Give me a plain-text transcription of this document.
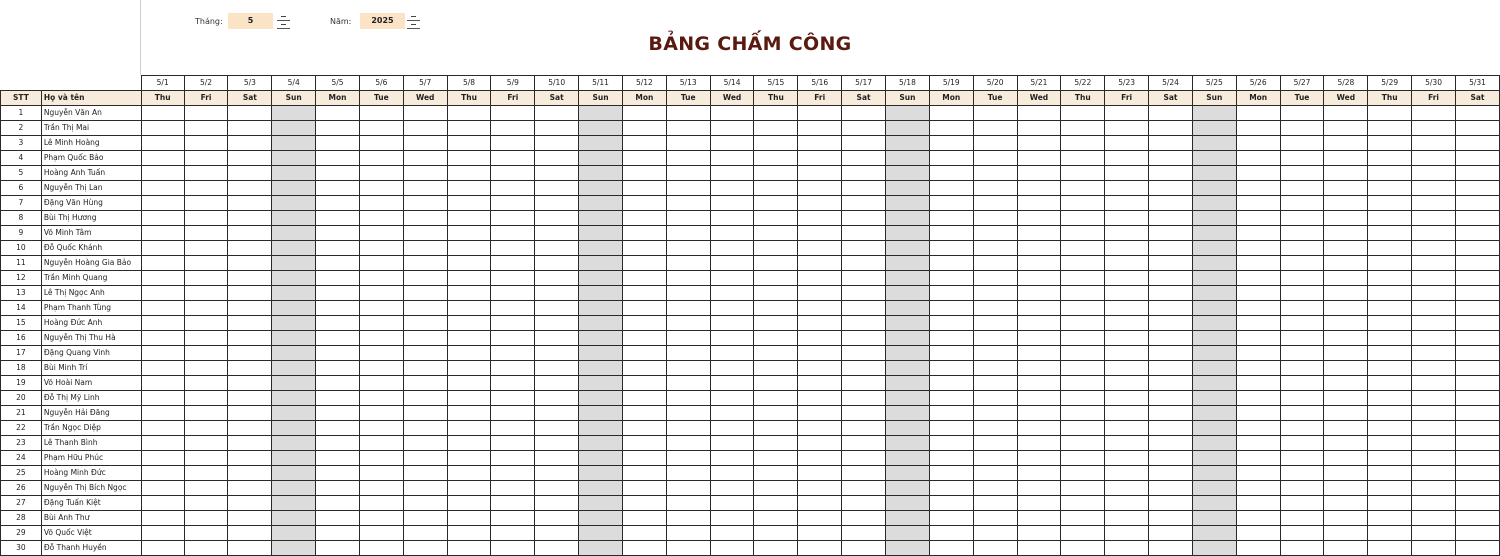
Tháng:	5	Năm:	2025
BẢNG CHẤM CÔNG
		5/1	5/2	5/3	5/4	5/5	5/6	5/7	5/8	5/9	5/10	5/11	5/12	5/13	5/14	5/15	5/16	5/17	5/18	5/19	5/20	5/21	5/22	5/23	5/24	5/25	5/26	5/27	5/28	5/29	5/30	5/31
STT	Họ và tên	Thu	Fri	Sat	Sun	Mon	Tue	Wed	Thu	Fri	Sat	Sun	Mon	Tue	Wed	Thu	Fri	Sat	Sun	Mon	Tue	Wed	Thu	Fri	Sat	Sun	Mon	Tue	Wed	Thu	Fri	Sat
1	Nguyễn Văn An																															
2	Trần Thị Mai																															
3	Lê Minh Hoàng																															
4	Phạm Quốc Bảo																															
5	Hoàng Anh Tuấn																															
6	Nguyễn Thị Lan																															
7	Đặng Văn Hùng																															
8	Bùi Thị Hương																															
9	Võ Minh Tâm																															
10	Đỗ Quốc Khánh																															
11	Nguyễn Hoàng Gia Bảo																															
12	Trần Minh Quang																															
13	Lê Thị Ngọc Anh																															
14	Phạm Thanh Tùng																															
15	Hoàng Đức Anh																															
16	Nguyễn Thị Thu Hà																															
17	Đặng Quang Vinh																															
18	Bùi Minh Trí																															
19	Võ Hoài Nam																															
20	Đỗ Thị Mỹ Linh																															
21	Nguyễn Hải Đăng																															
22	Trần Ngọc Diệp																															
23	Lê Thanh Bình																															
24	Phạm Hữu Phúc																															
25	Hoàng Minh Đức																															
26	Nguyễn Thị Bích Ngọc																															
27	Đặng Tuấn Kiệt																															
28	Bùi Anh Thư																															
29	Võ Quốc Việt																															
30	Đỗ Thanh Huyền																															
